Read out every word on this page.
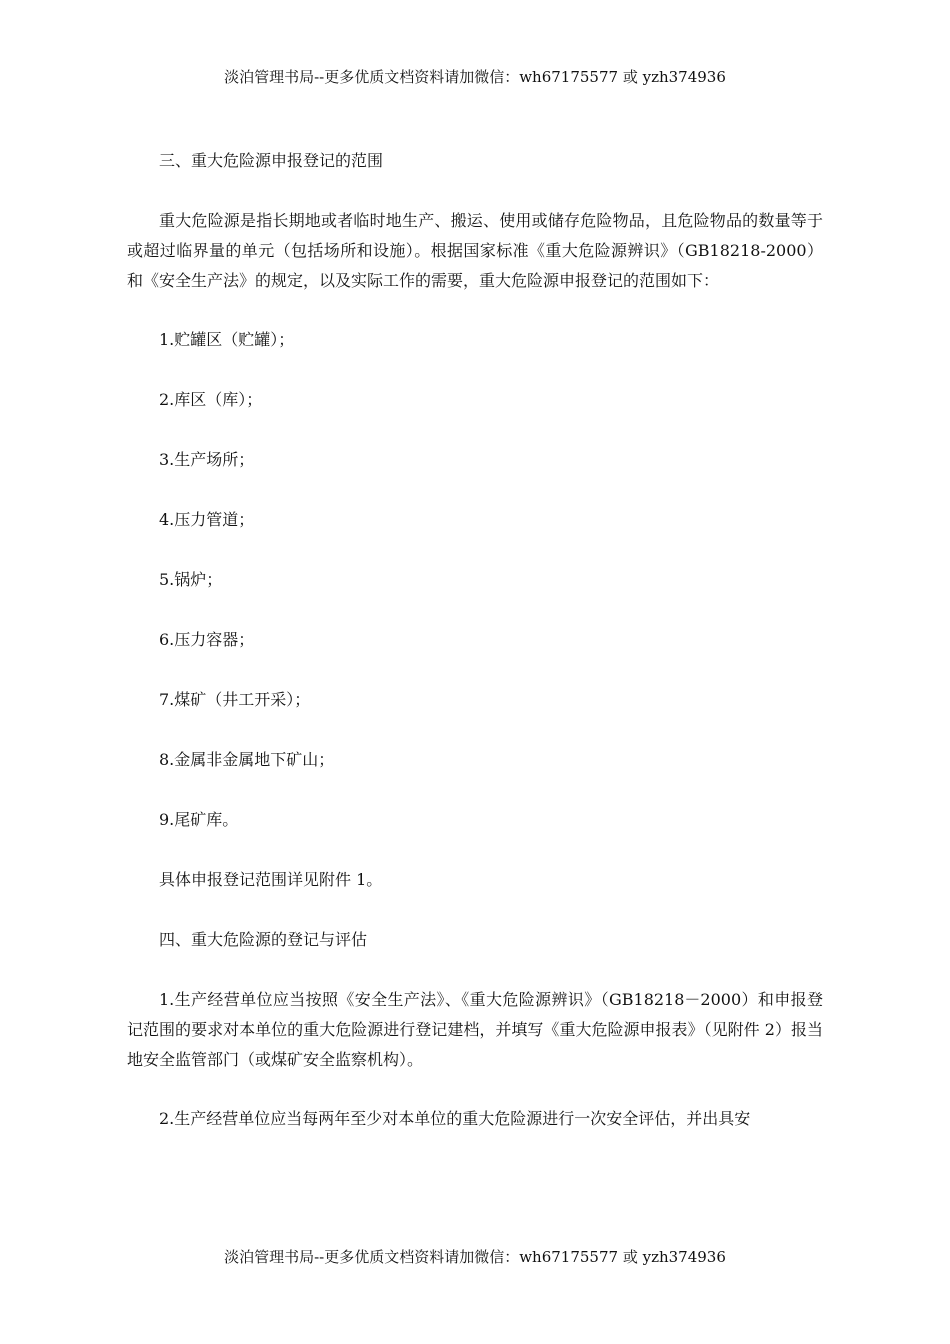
淡泊管理书局--更多优质文档资料请加微信：wh67175577 或 yzh374936

三、重大危险源申报登记的范围

重大危险源是指长期地或者临时地生产、搬运、使用或储存危险物品，且危险物品的数量等于或超过临界量的单元（包括场所和设施）。根据国家标准《重大危险源辨识》（GB18218-2000）和《安全生产法》的规定，以及实际工作的需要，重大危险源申报登记的范围如下：

1.贮罐区（贮罐）；

2.库区（库）；

3.生产场所；

4.压力管道；

5.锅炉；

6.压力容器；

7.煤矿（井工开采）；

8.金属非金属地下矿山；

9.尾矿库。

具体申报登记范围详见附件 1。

四、重大危险源的登记与评估

1.生产经营单位应当按照《安全生产法》、《重大危险源辨识》（GB18218－2000）和申报登记范围的要求对本单位的重大危险源进行登记建档，并填写《重大危险源申报表》（见附件 2）报当地安全监管部门（或煤矿安全监察机构）。

2.生产经营单位应当每两年至少对本单位的重大危险源进行一次安全评估，并出具安

淡泊管理书局--更多优质文档资料请加微信：wh67175577 或 yzh374936
